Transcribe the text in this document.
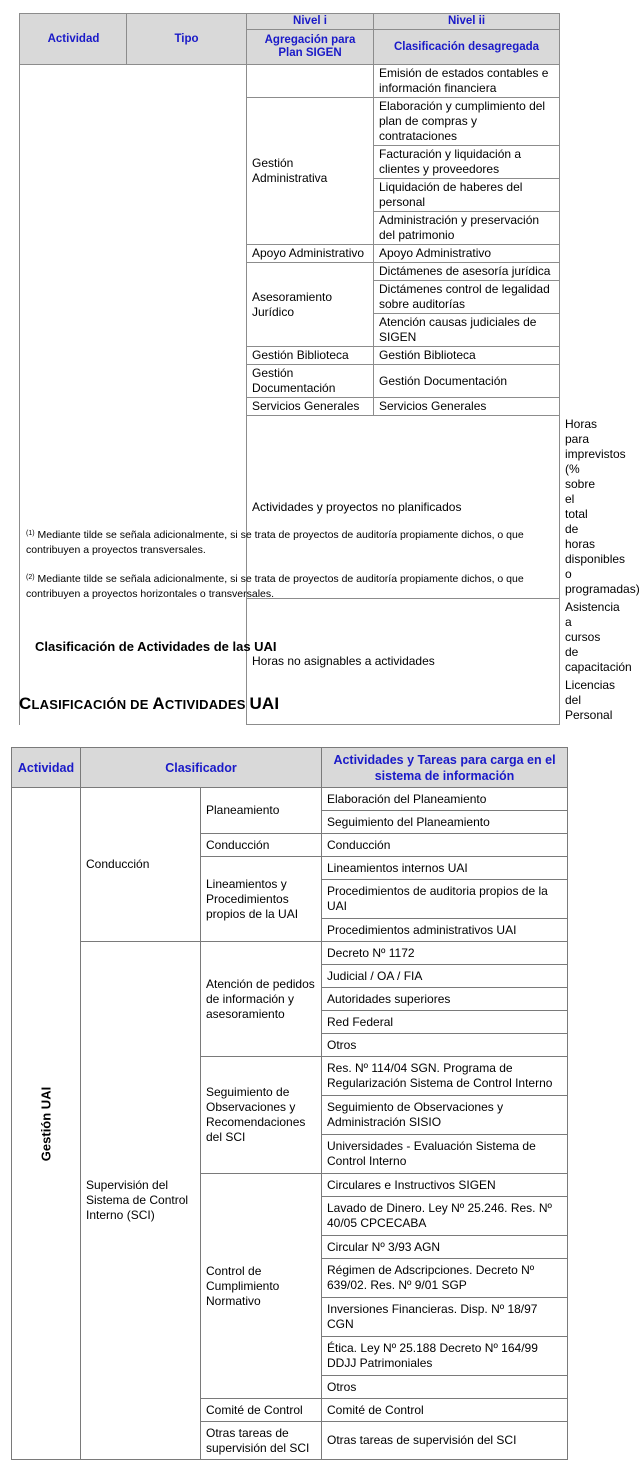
Actividad Tipo	Nivel i	Nivel ii	
	Agregación para Plan SIGEN	Clasificación desagregada	
		Emisión de estados contables e información financiera	
	Gestión Administrativa	Elaboración y cumplimiento del plan de compras y contrataciones	
		Facturación y liquidación a clientes y proveedores	
		Liquidación de haberes del personal	
		Administración y preservación del patrimonio	
	Apoyo Administrativo	Apoyo Administrativo	
	Asesoramiento Jurídico	Dictámenes de asesoría jurídica	
		Dictámenes control de legalidad sobre auditorías	
		Atención causas judiciales de SIGEN	
	Gestión Biblioteca	Gestión Biblioteca	
	Gestión Documentación	Gestión Documentación	
	Servicios Generales	Servicios Generales	
	Actividades y proyectos no planificados		Horas para imprevistos (% sobre el total de horas disponibles o programadas)
	Horas no asignables a actividades		Asistencia a cursos de capacitación
			Licencias del Personal
$^{(1)}$ Mediante tilde se señala adicionalmente, si se trata de proyectos de auditoría propiamente dichos, o que contribuyen a proyectos transversales.
$^{(2)}$ Mediante tilde se señala adicionalmente, si se trata de proyectos de auditoría propiamente dichos, o que contribuyen a proyectos horizontales o transversales.
Clasificación de Actividades de las UAI
CLASIFICACIÓN DE ACTIVIDADES UAI
Actividad	Clasificador		Actividades y Tareas para carga en el sistema de información

Gestión UAI	Conducción	Planeamiento	Elaboración del Planeamiento
			Seguimiento del Planeamiento
		Conducción	Conducción
		Lineamientos y Procedimientos propios de la UAI	Lineamientos internos UAI
			Procedimientos de auditoria propios de la UAI
			Procedimientos administrativos UAI
	Supervisión del Sistema de Control Interno (SCI)	Atención de pedidos de información y asesoramiento	Decreto Nº 1172
			Judicial / OA / FIA
			Autoridades superiores
			Red Federal
			Otros
		Seguimiento de Observaciones y Recomendaciones del SCI	Res. Nº 114/04 SGN. Programa de Regularización Sistema de Control Interno
			Seguimiento de Observaciones y Administración SISIO
			Universidades - Evaluación Sistema de Control Interno
		Control de Cumplimiento Normativo	Circulares e Instructivos SIGEN
			Lavado de Dinero. Ley Nº 25.246. Res. Nº 40/05 CPCECABA
			Circular Nº 3/93 AGN
			Régimen de Adscripciones. Decreto Nº 639/02. Res. Nº 9/01 SGP
			Inversiones Financieras. Disp. Nº 18/97 CGN
			Ética. Ley Nº 25.188 Decreto Nº 164/99 DDJJ Patrimoniales
			Otros
		Comité de Control	Comité de Control
		Otras tareas de supervisión del SCI	Otras tareas de supervisión del SCI
